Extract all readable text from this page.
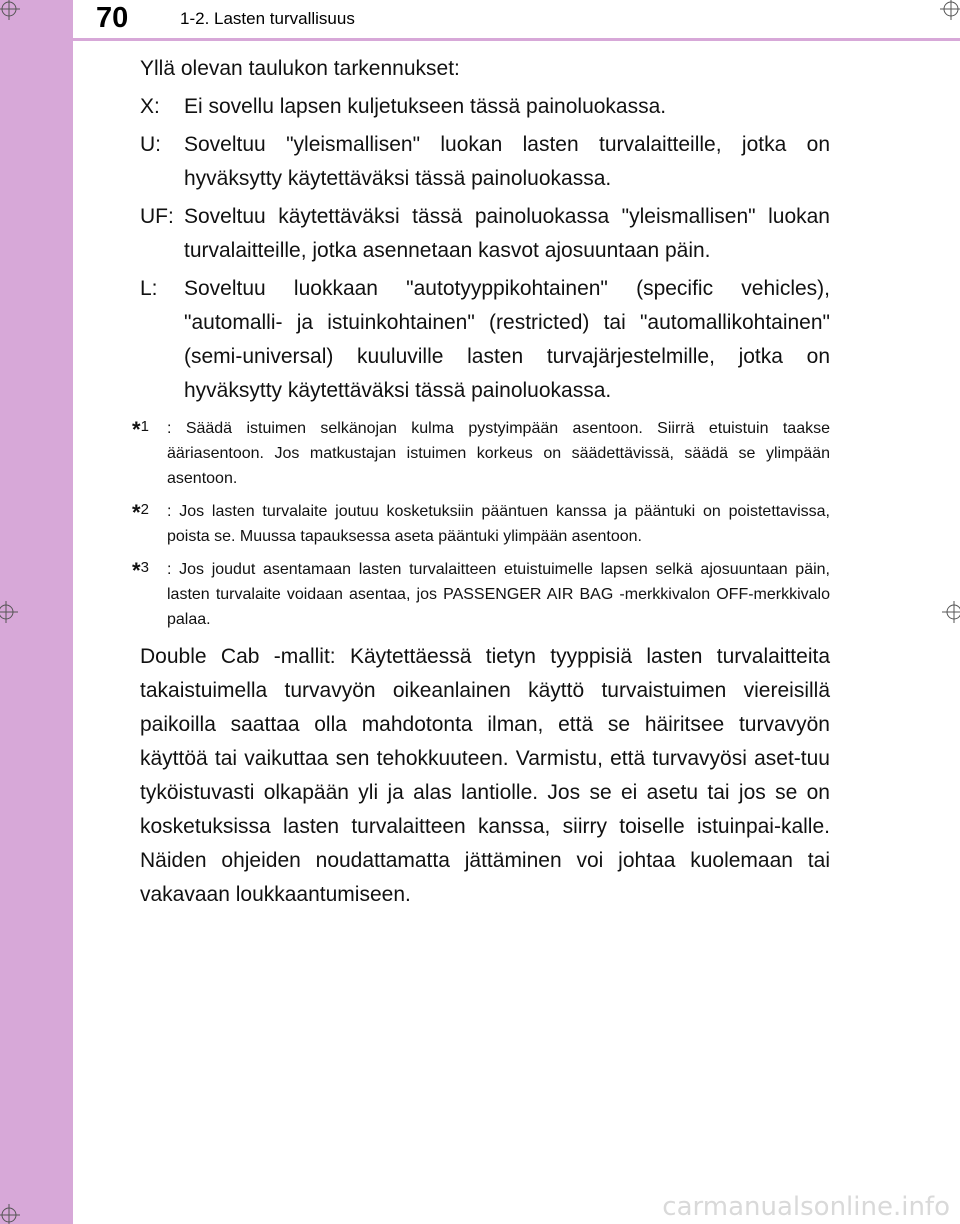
70	1-2. Lasten turvallisuus

Yllä olevan taulukon tarkennukset:

X: Ei sovellu lapsen kuljetukseen tässä painoluokassa.
U: Soveltuu "yleismallisen" luokan lasten turvalaitteille, jotka on hyväksytty käytettäväksi tässä painoluokassa.
UF: Soveltuu käytettäväksi tässä painoluokassa "yleismallisen" luokan turvalaitteille, jotka asennetaan kasvot ajosuuntaan päin.
L: Soveltuu luokkaan "autotyyppikohtainen" (specific vehicles), "automalli- ja istuinkohtainen" (restricted) tai "automallikohtainen" (semi-universal) kuuluville lasten turvajärjestelmille, jotka on hyväksytty käytettäväksi tässä painoluokassa.
*1 : Säädä istuimen selkänojan kulma pystyimpään asentoon. Siirrä etuistuin taakse ääriasentoon. Jos matkustajan istuimen korkeus on säädettävissä, säädä se ylimpään asentoon.
*2 : Jos lasten turvalaite joutuu kosketuksiin pääntuen kanssa ja pääntuki on poistettavissa, poista se. Muussa tapauksessa aseta pääntuki ylimpään asentoon.
*3 : Jos joudut asentamaan lasten turvalaitteen etuistuimelle lapsen selkä ajosuuntaan päin, lasten turvalaite voidaan asentaa, jos PASSENGER AIR BAG -merkkivalon OFF-merkkivalo palaa.

Double Cab -mallit: Käytettäessä tietyn tyyppisiä lasten turvalaitteita takaistuimella turvavyön oikeanlainen käyttö turvaistuimen viereisillä paikoilla saattaa olla mahdotonta ilman, että se häiritsee turvavyön käyttöä tai vaikuttaa sen tehokkuuteen. Varmistu, että turvavyösi aset-tuu tyköistuvasti olkapään yli ja alas lantiolle. Jos se ei asetu tai jos se on kosketuksissa lasten turvalaitteen kanssa, siirry toiselle istuinpai-kalle. Näiden ohjeiden noudattamatta jättäminen voi johtaa kuolemaan tai vakavaan loukkaantumiseen.

carmanualsonline.info
